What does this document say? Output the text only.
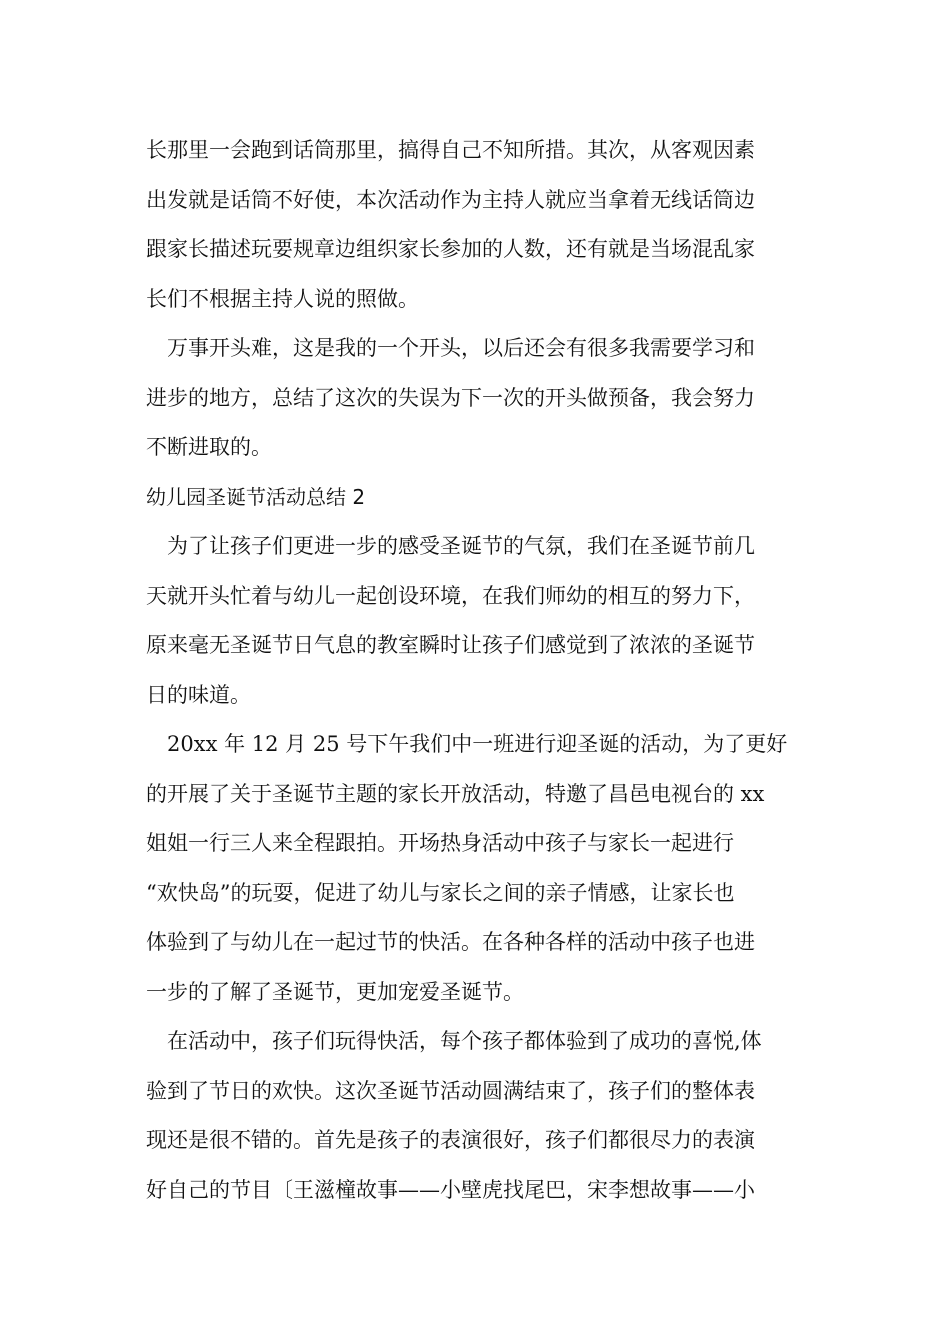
长那里一会跑到话筒那里，搞得自己不知所措。其次，从客观因素
出发就是话筒不好使，本次活动作为主持人就应当拿着无线话筒边
跟家长描述玩要规章边组织家长参加的人数，还有就是当场混乱家
长们不根据主持人说的照做。
万事开头难，这是我的一个开头，以后还会有很多我需要学习和
进步的地方，总结了这次的失误为下一次的开头做预备，我会努力
不断进取的。
幼儿园圣诞节活动总结 2
为了让孩子们更进一步的感受圣诞节的气氛，我们在圣诞节前几
天就开头忙着与幼儿一起创设环境，在我们师幼的相互的努力下，
原来毫无圣诞节日气息的教室瞬时让孩子们感觉到了浓浓的圣诞节
日的味道。
20xx 年 12 月 25 号下午我们中一班进行迎圣诞的活动，为了更好
的开展了关于圣诞节主题的家长开放活动，特邀了昌邑电视台的 xx
姐姐一行三人来全程跟拍。开场热身活动中孩子与家长一起进行
“欢快岛”的玩耍，促进了幼儿与家长之间的亲子情感，让家长也
体验到了与幼儿在一起过节的快活。在各种各样的活动中孩子也进
一步的了解了圣诞节，更加宠爱圣诞节。
在活动中，孩子们玩得快活，每个孩子都体验到了成功的喜悦,体
验到了节日的欢快。这次圣诞节活动圆满结束了，孩子们的整体表
现还是很不错的。首先是孩子的表演很好，孩子们都很尽力的表演
好自己的节目〔王滋橦故事——小壁虎找尾巴，宋李想故事——小
